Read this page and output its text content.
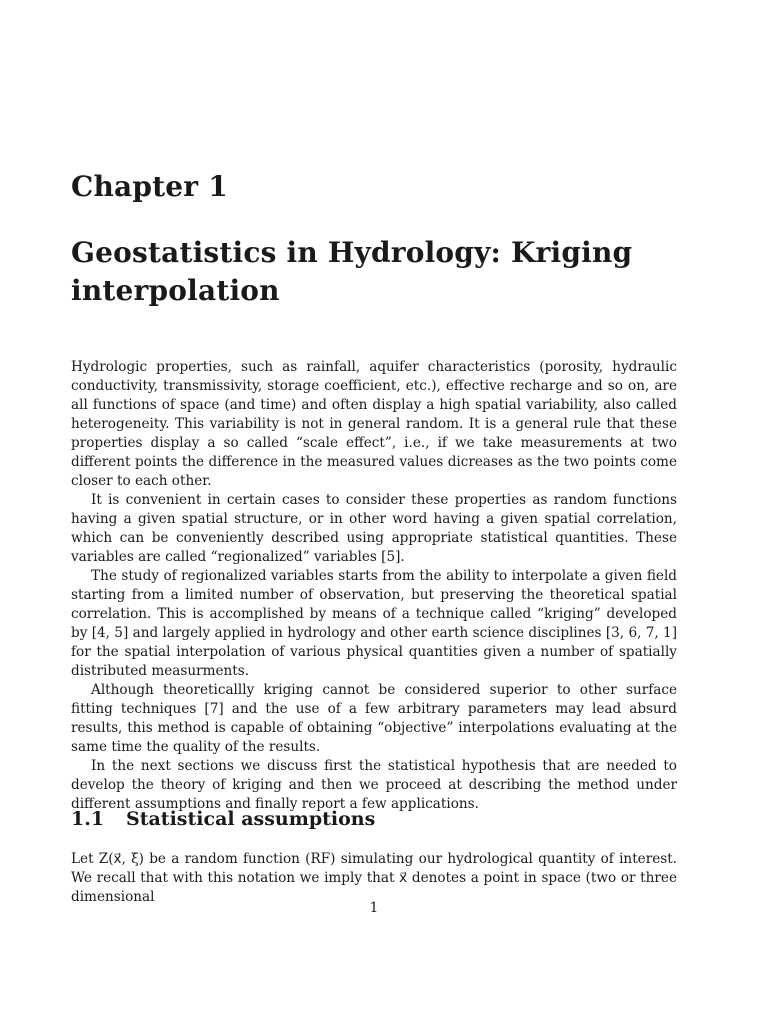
Chapter 1
Geostatistics in Hydrology: Kriging interpolation

Hydrologic properties, such as rainfall, aquifer characteristics (porosity, hydraulic conductivity, transmissivity, storage coefficient, etc.), effective recharge and so on, are all functions of space (and time) and often display a high spatial variability, also called heterogeneity. This variability is not in general random. It is a general rule that these properties display a so called “scale effect”, i.e., if we take measurements at two different points the difference in the measured values dicreases as the two points come closer to each other.

It is convenient in certain cases to consider these properties as random functions having a given spatial structure, or in other word having a given spatial correlation, which can be conveniently described using appropriate statistical quantities. These variables are called “regionalized” variables [5].

The study of regionalized variables starts from the ability to interpolate a given field starting from a limited number of observation, but preserving the theoretical spatial correlation. This is accomplished by means of a technique called “kriging” developed by [4, 5] and largely applied in hydrology and other earth science disciplines [3, 6, 7, 1] for the spatial interpolation of various physical quantities given a number of spatially distributed measurments.

Although theoreticallly kriging cannot be considered superior to other surface fitting techniques [7] and the use of a few arbitrary parameters may lead absurd results, this method is capable of obtaining “objective” interpolations evaluating at the same time the quality of the results.

In the next sections we discuss first the statistical hypothesis that are needed to develop the theory of kriging and then we proceed at describing the method under different assumptions and finally report a few applications.

1.1 Statistical assumptions

Let Z(x⃗, ξ) be a random function (RF) simulating our hydrological quantity of interest. We recall that with this notation we imply that x⃗ denotes a point in space (two or three dimensional

1
